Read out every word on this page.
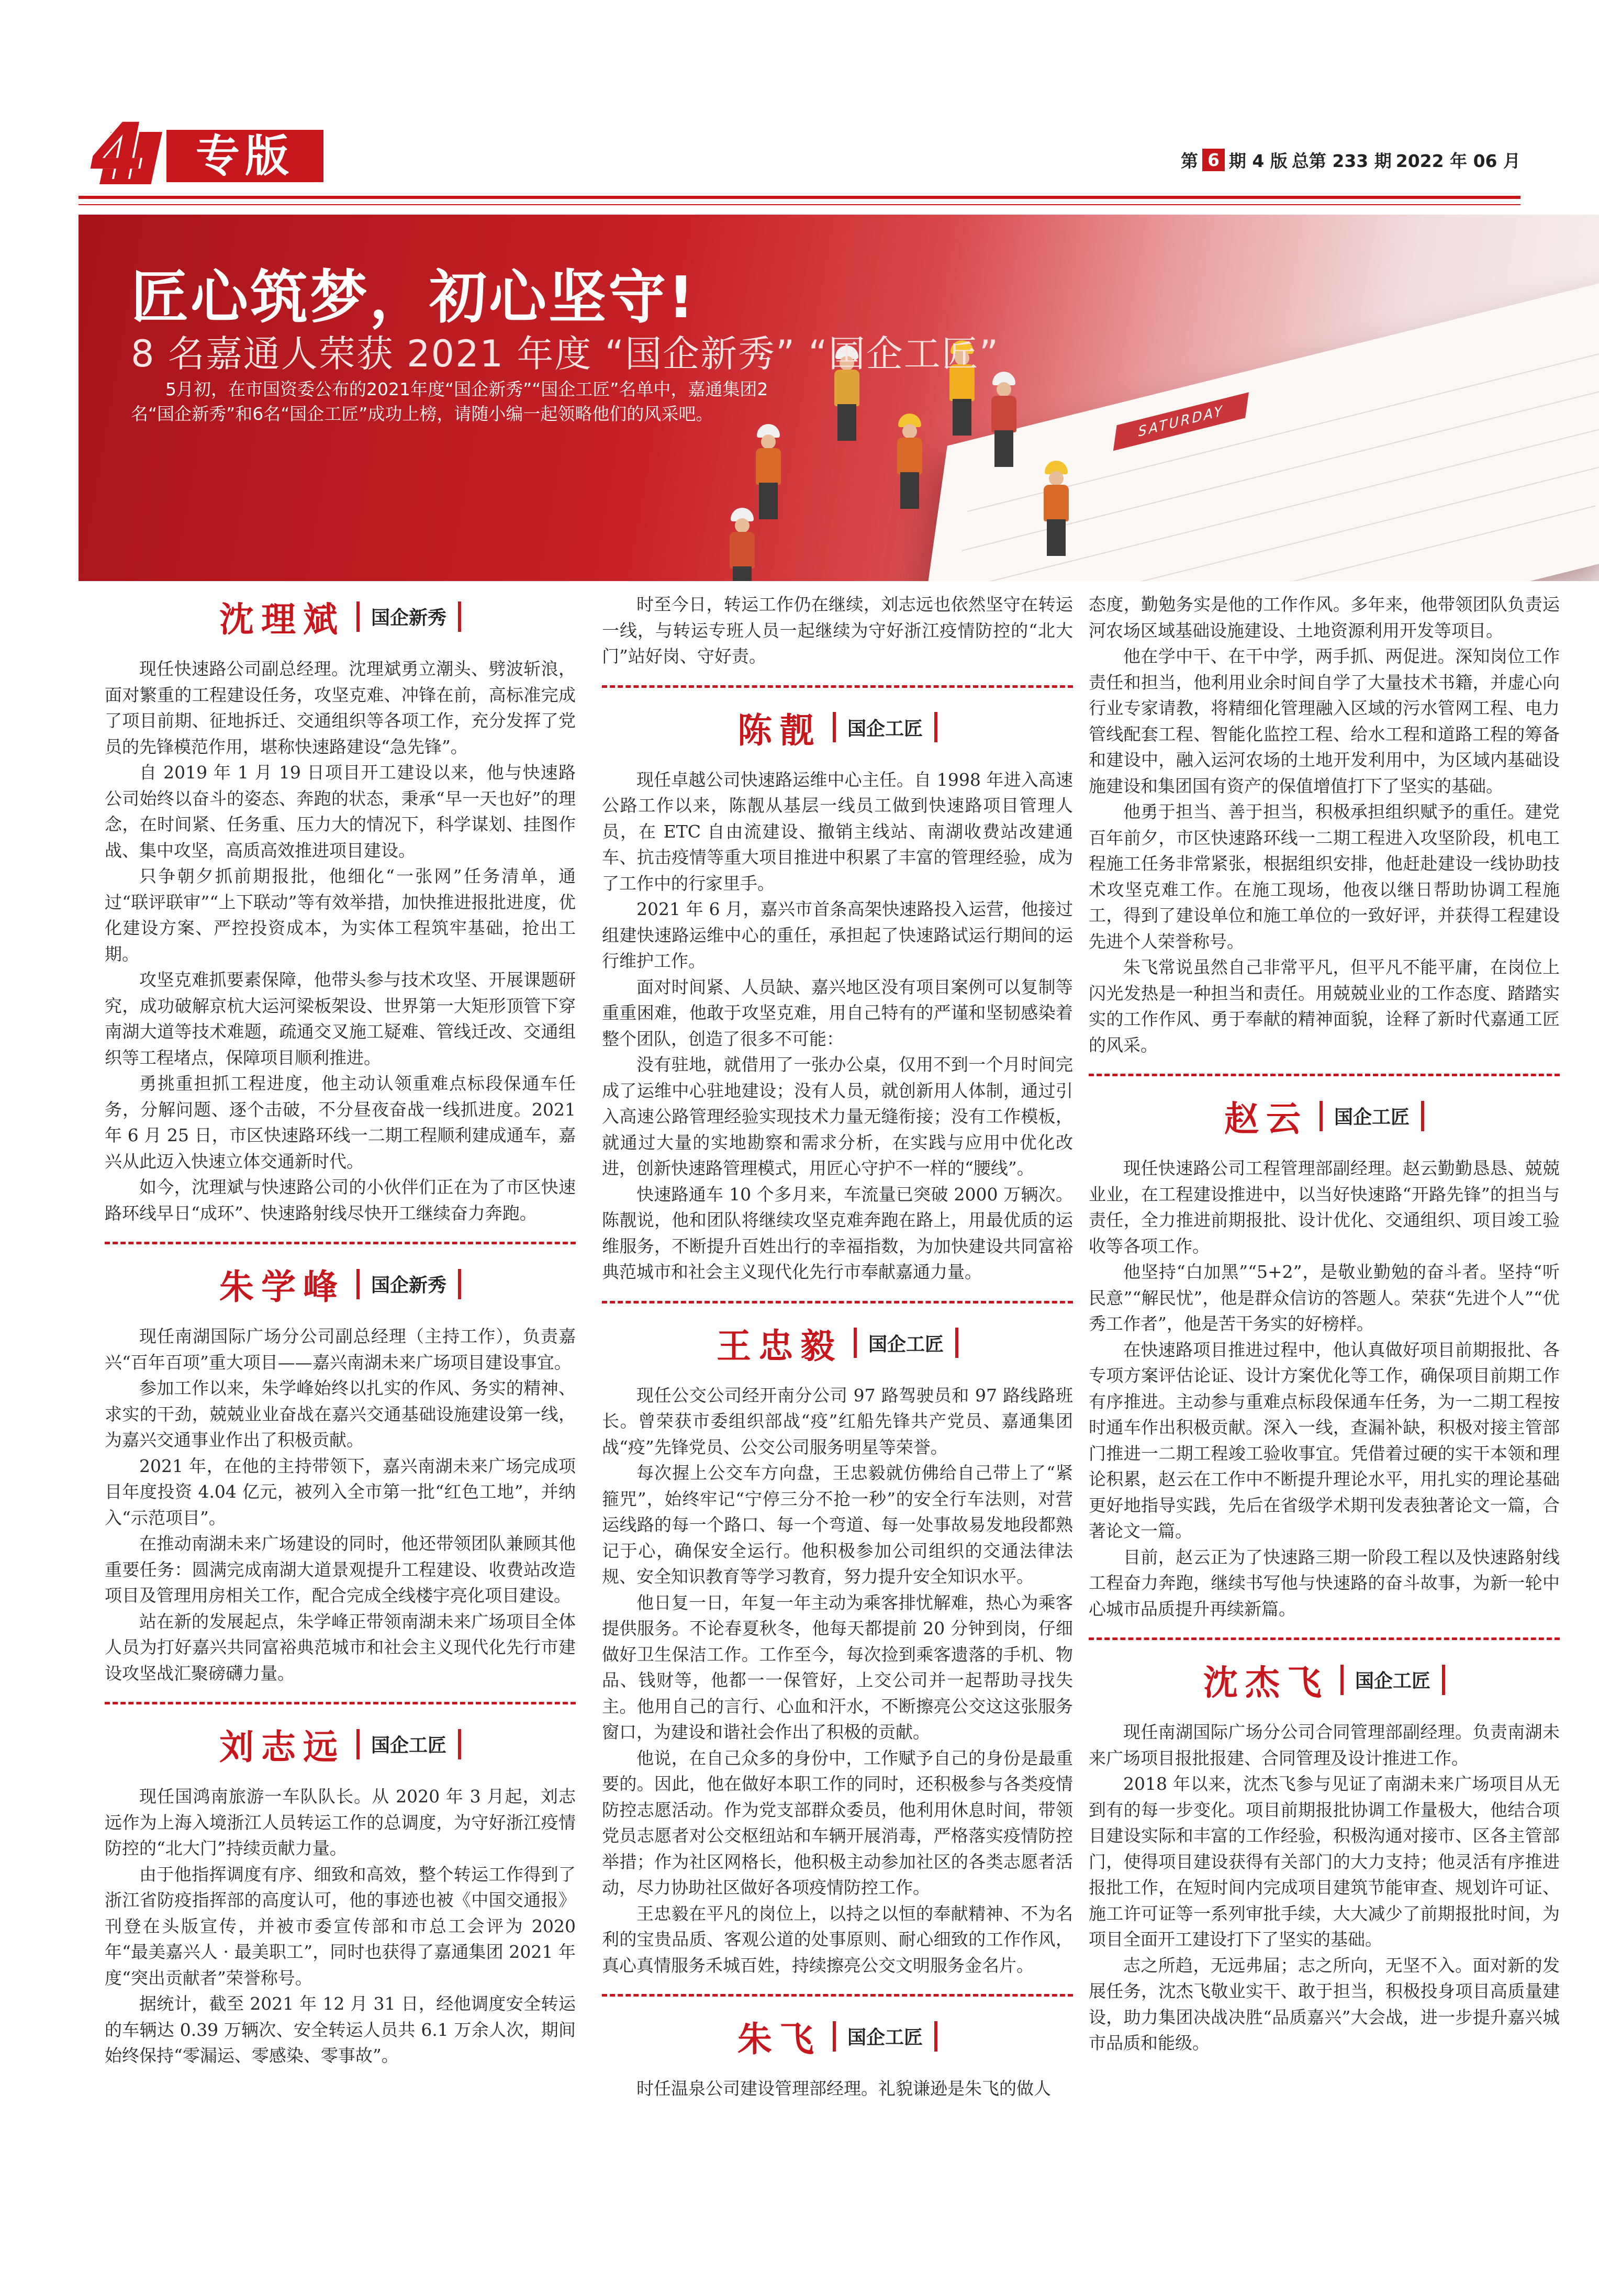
4	专版	第 6 期 4 版 总第 233 期 2022 年 06 月
SATURDAY
匠心筑梦，初心坚守!
8 名嘉通人荣获 2021 年度 “国企新秀” “国企工匠”
5月初，在市国资委公布的2021年度“国企新秀”“国企工匠”名单中，嘉通集团2名“国企新秀”和6名“国企工匠”成功上榜，请随小编一起领略他们的风采吧。
沈理斌 国企新秀

现任快速路公司副总经理。沈理斌勇立潮头、劈波斩浪，面对繁重的工程建设任务，攻坚克难、冲锋在前，高标准完成了项目前期、征地拆迁、交通组织等各项工作，充分发挥了党员的先锋模范作用，堪称快速路建设“急先锋”。

自 2019 年 1 月 19 日项目开工建设以来，他与快速路公司始终以奋斗的姿态、奔跑的状态，秉承“早一天也好”的理念，在时间紧、任务重、压力大的情况下，科学谋划、挂图作战、集中攻坚，高质高效推进项目建设。

只争朝夕抓前期报批，他细化“一张网”任务清单，通过“联评联审”“上下联动”等有效举措，加快推进报批进度，优化建设方案、严控投资成本，为实体工程筑牢基础，抢出工期。

攻坚克难抓要素保障，他带头参与技术攻坚、开展课题研究，成功破解京杭大运河梁板架设、世界第一大矩形顶管下穿南湖大道等技术难题，疏通交叉施工疑难、管线迁改、交通组织等工程堵点，保障项目顺利推进。

勇挑重担抓工程进度，他主动认领重难点标段保通车任务，分解问题、逐个击破，不分昼夜奋战一线抓进度。2021 年 6 月 25 日，市区快速路环线一二期工程顺利建成通车，嘉兴从此迈入快速立体交通新时代。

如今，沈理斌与快速路公司的小伙伴们正在为了市区快速路环线早日“成环”、快速路射线尽快开工继续奋力奔跑。

朱学峰 国企新秀

现任南湖国际广场分公司副总经理（主持工作），负责嘉兴“百年百项”重大项目——嘉兴南湖未来广场项目建设事宜。

参加工作以来，朱学峰始终以扎实的作风、务实的精神、求实的干劲，兢兢业业奋战在嘉兴交通基础设施建设第一线，为嘉兴交通事业作出了积极贡献。

2021 年，在他的主持带领下，嘉兴南湖未来广场完成项目年度投资 4.04 亿元，被列入全市第一批“红色工地”，并纳入“示范项目”。

在推动南湖未来广场建设的同时，他还带领团队兼顾其他重要任务：圆满完成南湖大道景观提升工程建设、收费站改造项目及管理用房相关工作，配合完成全线楼宇亮化项目建设。

站在新的发展起点，朱学峰正带领南湖未来广场项目全体人员为打好嘉兴共同富裕典范城市和社会主义现代化先行市建设攻坚战汇聚磅礴力量。

刘志远 国企工匠

现任国鸿南旅游一车队队长。从 2020 年 3 月起，刘志远作为上海入境浙江人员转运工作的总调度，为守好浙江疫情防控的“北大门”持续贡献力量。

由于他指挥调度有序、细致和高效，整个转运工作得到了浙江省防疫指挥部的高度认可，他的事迹也被《中国交通报》刊登在头版宣传，并被市委宣传部和市总工会评为 2020 年“最美嘉兴人 · 最美职工”，同时也获得了嘉通集团 2021 年度“突出贡献者”荣誉称号。

据统计，截至 2021 年 12 月 31 日，经他调度安全转运的车辆达 0.39 万辆次、安全转运人员共 6.1 万余人次，期间始终保持“零漏运、零感染、零事故”。

时至今日，转运工作仍在继续，刘志远也依然坚守在转运一线，与转运专班人员一起继续为守好浙江疫情防控的“北大门”站好岗、守好责。

陈靓 国企工匠

现任卓越公司快速路运维中心主任。自 1998 年进入高速公路工作以来，陈靓从基层一线员工做到快速路项目管理人员，在 ETC 自由流建设、撤销主线站、南湖收费站改建通车、抗击疫情等重大项目推进中积累了丰富的管理经验，成为了工作中的行家里手。

2021 年 6 月，嘉兴市首条高架快速路投入运营，他接过组建快速路运维中心的重任，承担起了快速路试运行期间的运行维护工作。

面对时间紧、人员缺、嘉兴地区没有项目案例可以复制等重重困难，他敢于攻坚克难，用自己特有的严谨和坚韧感染着整个团队，创造了很多不可能：

没有驻地，就借用了一张办公桌，仅用不到一个月时间完成了运维中心驻地建设；没有人员，就创新用人体制，通过引入高速公路管理经验实现技术力量无缝衔接；没有工作模板，就通过大量的实地勘察和需求分析，在实践与应用中优化改进，创新快速路管理模式，用匠心守护不一样的“腰线”。

快速路通车 10 个多月来，车流量已突破 2000 万辆次。陈靓说，他和团队将继续攻坚克难奔跑在路上，用最优质的运维服务，不断提升百姓出行的幸福指数，为加快建设共同富裕典范城市和社会主义现代化先行市奉献嘉通力量。

王忠毅 国企工匠

现任公交公司经开南分公司 97 路驾驶员和 97 路线路班长。曾荣获市委组织部战“疫”红船先锋共产党员、嘉通集团战“疫”先锋党员、公交公司服务明星等荣誉。

每次握上公交车方向盘，王忠毅就仿佛给自己带上了“紧箍咒”，始终牢记“宁停三分不抢一秒”的安全行车法则，对营运线路的每一个路口、每一个弯道、每一处事故易发地段都熟记于心，确保安全运行。他积极参加公司组织的交通法律法规、安全知识教育等学习教育，努力提升安全知识水平。

他日复一日，年复一年主动为乘客排忧解难，热心为乘客提供服务。不论春夏秋冬，他每天都提前 20 分钟到岗，仔细做好卫生保洁工作。工作至今，每次捡到乘客遗落的手机、物品、钱财等，他都一一保管好，上交公司并一起帮助寻找失主。他用自己的言行、心血和汗水，不断擦亮公交这这张服务窗口，为建设和谐社会作出了积极的贡献。

他说，在自己众多的身份中，工作赋予自己的身份是最重要的。因此，他在做好本职工作的同时，还积极参与各类疫情防控志愿活动。作为党支部群众委员，他利用休息时间，带领党员志愿者对公交枢纽站和车辆开展消毒，严格落实疫情防控举措；作为社区网格长，他积极主动参加社区的各类志愿者活动，尽力协助社区做好各项疫情防控工作。

王忠毅在平凡的岗位上，以持之以恒的奉献精神、不为名利的宝贵品质、客观公道的处事原则、耐心细致的工作作风，真心真情服务禾城百姓，持续擦亮公交文明服务金名片。

朱飞 国企工匠

时任温泉公司建设管理部经理。礼貌谦逊是朱飞的做人

态度，勤勉务实是他的工作作风。多年来，他带领团队负责运河农场区域基础设施建设、土地资源利用开发等项目。

他在学中干、在干中学，两手抓、两促进。深知岗位工作责任和担当，他利用业余时间自学了大量技术书籍，并虚心向行业专家请教，将精细化管理融入区域的污水管网工程、电力管线配套工程、智能化监控工程、给水工程和道路工程的筹备和建设中，融入运河农场的土地开发利用中，为区域内基础设施建设和集团国有资产的保值增值打下了坚实的基础。

他勇于担当、善于担当，积极承担组织赋予的重任。建党百年前夕，市区快速路环线一二期工程进入攻坚阶段，机电工程施工任务非常紧张，根据组织安排，他赶赴建设一线协助技术攻坚克难工作。在施工现场，他夜以继日帮助协调工程施工，得到了建设单位和施工单位的一致好评，并获得工程建设先进个人荣誉称号。

朱飞常说虽然自己非常平凡，但平凡不能平庸，在岗位上闪光发热是一种担当和责任。用兢兢业业的工作态度、踏踏实实的工作作风、勇于奉献的精神面貌，诠释了新时代嘉通工匠的风采。

赵云 国企工匠

现任快速路公司工程管理部副经理。赵云勤勤恳恳、兢兢业业，在工程建设推进中，以当好快速路“开路先锋”的担当与责任，全力推进前期报批、设计优化、交通组织、项目竣工验收等各项工作。

他坚持“白加黑”“5+2”，是敬业勤勉的奋斗者。坚持“听民意”“解民忧”，他是群众信访的答题人。荣获“先进个人”“优秀工作者”，他是苦干务实的好榜样。

在快速路项目推进过程中，他认真做好项目前期报批、各专项方案评估论证、设计方案优化等工作，确保项目前期工作有序推进。主动参与重难点标段保通车任务，为一二期工程按时通车作出积极贡献。深入一线，查漏补缺，积极对接主管部门推进一二期工程竣工验收事宜。凭借着过硬的实干本领和理论积累，赵云在工作中不断提升理论水平，用扎实的理论基础更好地指导实践，先后在省级学术期刊发表独著论文一篇，合著论文一篇。

目前，赵云正为了快速路三期一阶段工程以及快速路射线工程奋力奔跑，继续书写他与快速路的奋斗故事，为新一轮中心城市品质提升再续新篇。

沈杰飞 国企工匠

现任南湖国际广场分公司合同管理部副经理。负责南湖未来广场项目报批报建、合同管理及设计推进工作。

2018 年以来，沈杰飞参与见证了南湖未来广场项目从无到有的每一步变化。项目前期报批协调工作量极大，他结合项目建设实际和丰富的工作经验，积极沟通对接市、区各主管部门，使得项目建设获得有关部门的大力支持；他灵活有序推进报批工作，在短时间内完成项目建筑节能审查、规划许可证、施工许可证等一系列审批手续，大大减少了前期报批时间，为项目全面开工建设打下了坚实的基础。

志之所趋，无远弗届；志之所向，无坚不入。面对新的发展任务，沈杰飞敬业实干、敢于担当，积极投身项目高质量建设，助力集团决战决胜“品质嘉兴”大会战，进一步提升嘉兴城市品质和能级。
